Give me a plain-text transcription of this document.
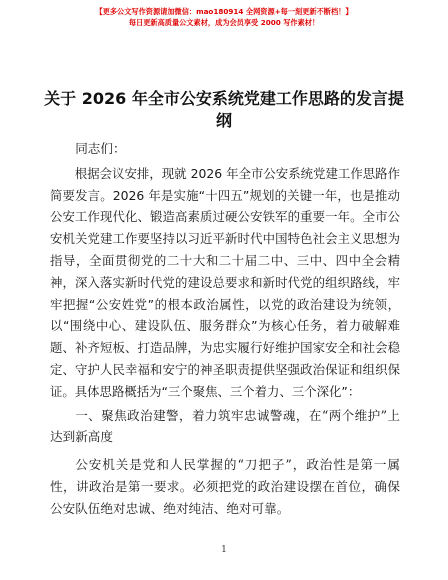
【更多公文写作资源请加微信：mao180914 全网资源+每一刻更新不断档！】
每日更新高质量公文素材，成为会员享受 2000 写作素材！
关于 2026 年全市公安系统党建工作思路的发言提纲

同志们：

根据会议安排，现就 2026 年全市公安系统党建工作思路作简要发言。2026 年是实施“十四五”规划的关键一年，也是推动公安工作现代化、锻造高素质过硬公安铁军的重要一年。全市公安机关党建工作要坚持以习近平新时代中国特色社会主义思想为指导，全面贯彻党的二十大和二十届二中、三中、四中全会精神，深入落实新时代党的建设总要求和新时代党的组织路线，牢牢把握“公安姓党”的根本政治属性，以党的政治建设为统领，以“围绕中心、建设队伍、服务群众”为核心任务，着力破解难题、补齐短板、打造品牌，为忠实履行好维护国家安全和社会稳定、守护人民幸福和安宁的神圣职责提供坚强政治保证和组织保证。具体思路概括为“三个聚焦、三个着力、三个深化”：

一、聚焦政治建警，着力筑牢忠诚警魂，在“两个维护”上达到新高度

公安机关是党和人民掌握的“刀把子”，政治性是第一属性，讲政治是第一要求。必须把党的政治建设摆在首位，确保公安队伍绝对忠诚、绝对纯洁、绝对可靠。

1
